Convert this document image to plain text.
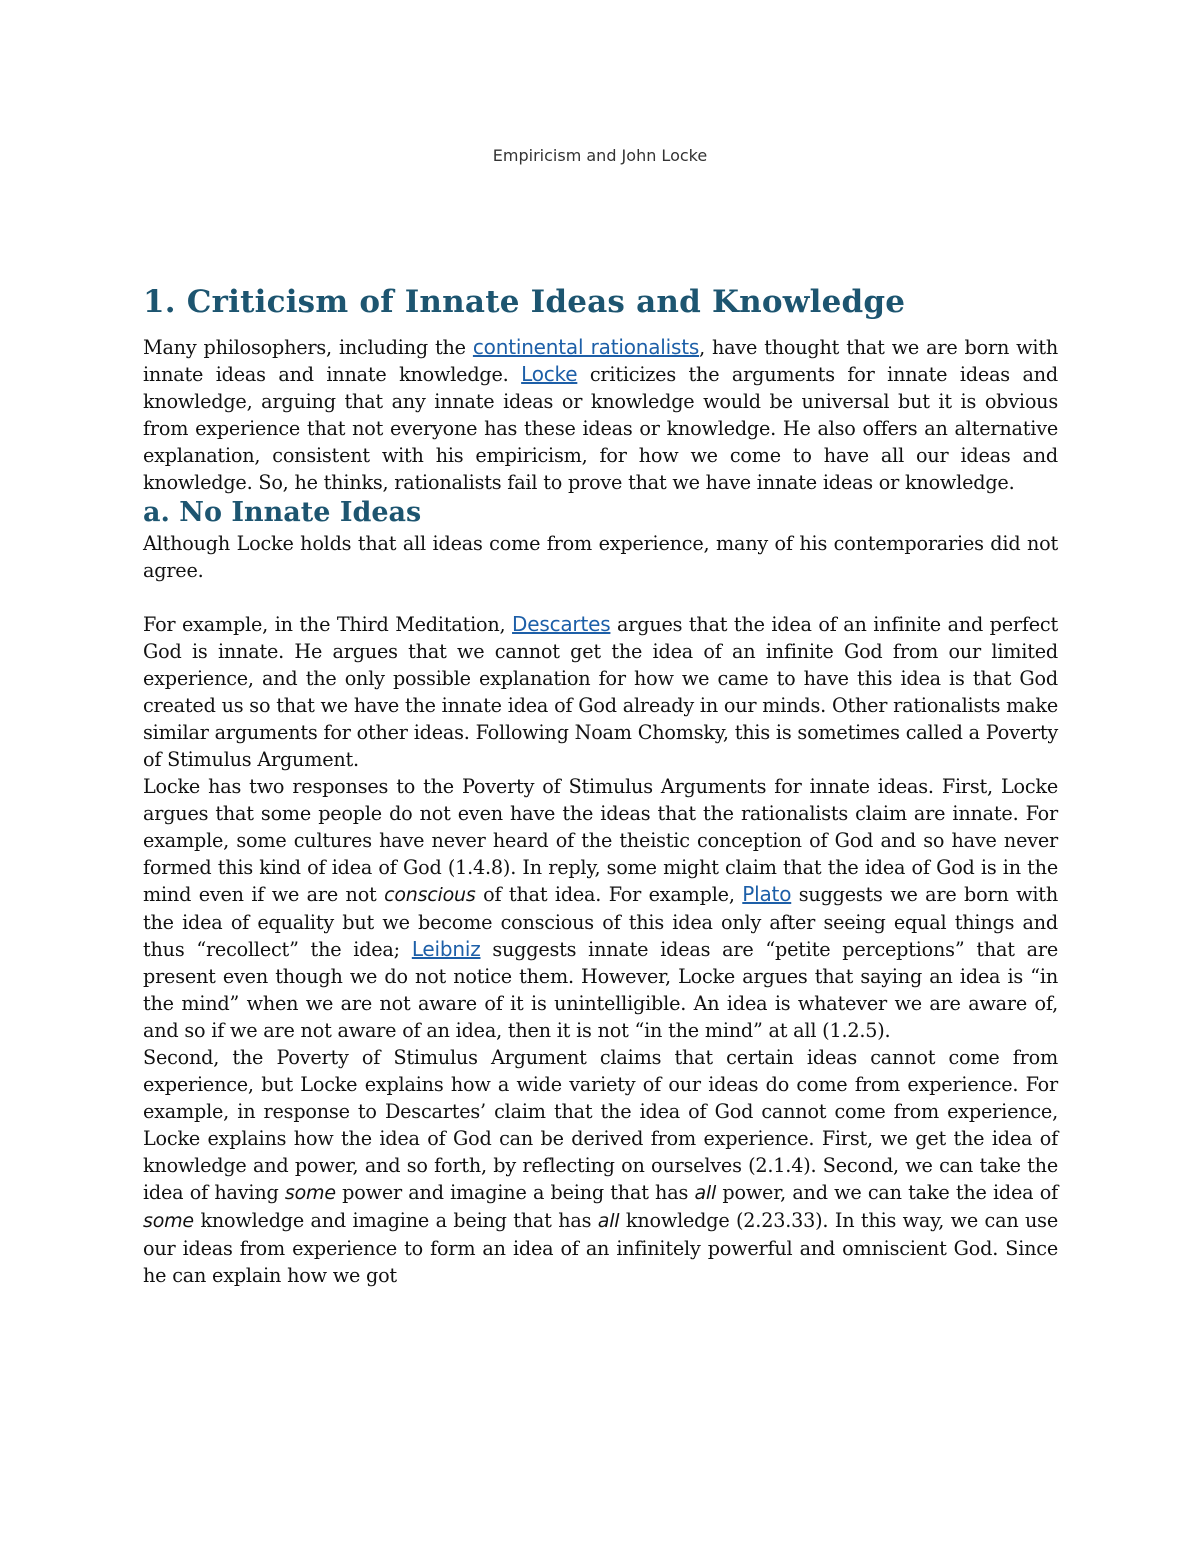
Empiricism and John Locke
1. Criticism of Innate Ideas and Knowledge

Many philosophers, including the continental rationalists, have thought that we are born with innate ideas and innate knowledge. Locke criticizes the arguments for innate ideas and knowledge, arguing that any innate ideas or knowledge would be universal but it is obvious from experience that not everyone has these ideas or knowledge. He also offers an alternative explanation, consistent with his empiricism, for how we come to have all our ideas and knowledge. So, he thinks, rationalists fail to prove that we have innate ideas or knowledge.

a. No Innate Ideas

Although Locke holds that all ideas come from experience, many of his contemporaries did not agree.

For example, in the Third Meditation, Descartes argues that the idea of an infinite and perfect God is innate. He argues that we cannot get the idea of an infinite God from our limited experience, and the only possible explanation for how we came to have this idea is that God created us so that we have the innate idea of God already in our minds. Other rationalists make similar arguments for other ideas. Following Noam Chomsky, this is sometimes called a Poverty of Stimulus Argument.

Locke has two responses to the Poverty of Stimulus Arguments for innate ideas. First, Locke argues that some people do not even have the ideas that the rationalists claim are innate. For example, some cultures have never heard of the theistic conception of God and so have never formed this kind of idea of God (1.4.8). In reply, some might claim that the idea of God is in the mind even if we are not conscious of that idea. For example, Plato suggests we are born with the idea of equality but we become conscious of this idea only after seeing equal things and thus “recollect” the idea; Leibniz suggests innate ideas are “petite perceptions” that are present even though we do not notice them. However, Locke argues that saying an idea is “in the mind” when we are not aware of it is unintelligible. An idea is whatever we are aware of, and so if we are not aware of an idea, then it is not “in the mind” at all (1.2.5).

Second, the Poverty of Stimulus Argument claims that certain ideas cannot come from experience, but Locke explains how a wide variety of our ideas do come from experience. For example, in response to Descartes’ claim that the idea of God cannot come from experience, Locke explains how the idea of God can be derived from experience. First, we get the idea of knowledge and power, and so forth, by reflecting on ourselves (2.1.4). Second, we can take the idea of having some power and imagine a being that has all power, and we can take the idea of some knowledge and imagine a being that has all knowledge (2.23.33). In this way, we can use our ideas from experience to form an idea of an infinitely powerful and omniscient God. Since he can explain how we got
